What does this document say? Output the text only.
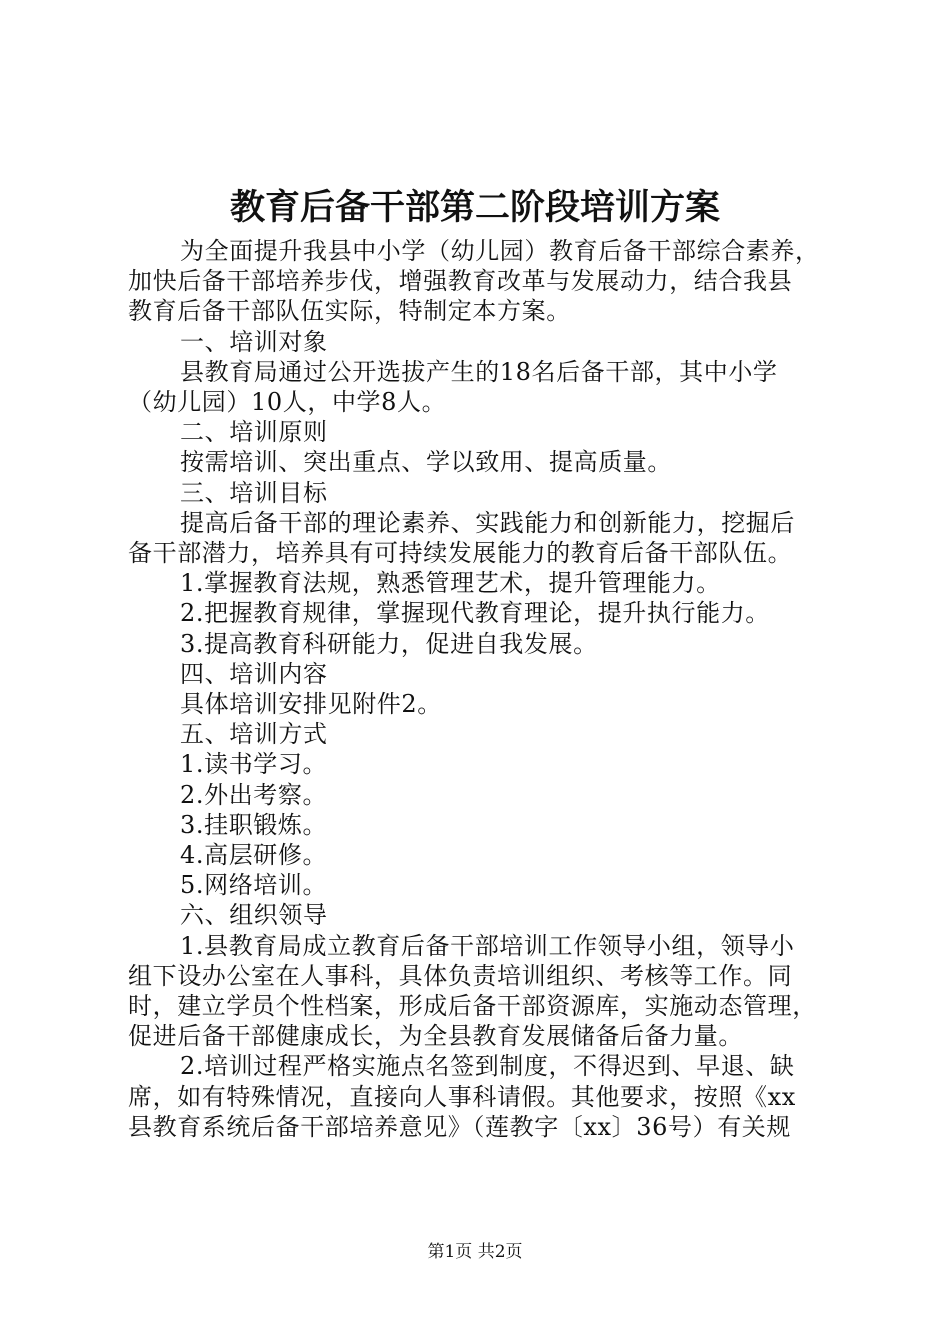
教育后备干部第二阶段培训方案
为全面提升我县中小学（幼儿园）教育后备干部综合素养，
加快后备干部培养步伐，增强教育改革与发展动力，结合我县
教育后备干部队伍实际，特制定本方案。
一、培训对象
县教育局通过公开选拔产生的18名后备干部，其中小学
（幼儿园）10人，中学8人。
二、培训原则
按需培训、突出重点、学以致用、提高质量。
三、培训目标
提高后备干部的理论素养、实践能力和创新能力，挖掘后
备干部潜力，培养具有可持续发展能力的教育后备干部队伍。
1.掌握教育法规，熟悉管理艺术，提升管理能力。
2.把握教育规律，掌握现代教育理论，提升执行能力。
3.提高教育科研能力，促进自我发展。
四、培训内容
具体培训安排见附件2。
五、培训方式
1.读书学习。
2.外出考察。
3.挂职锻炼。
4.高层研修。
5.网络培训。
六、组织领导
1.县教育局成立教育后备干部培训工作领导小组，领导小
组下设办公室在人事科，具体负责培训组织、考核等工作。同
时，建立学员个性档案，形成后备干部资源库，实施动态管理，
促进后备干部健康成长，为全县教育发展储备后备力量。
2.培训过程严格实施点名签到制度，不得迟到、早退、缺
席，如有特殊情况，直接向人事科请假。其他要求，按照《xx
县教育系统后备干部培养意见》（莲教字〔xx〕36号）有关规
第1页 共2页
